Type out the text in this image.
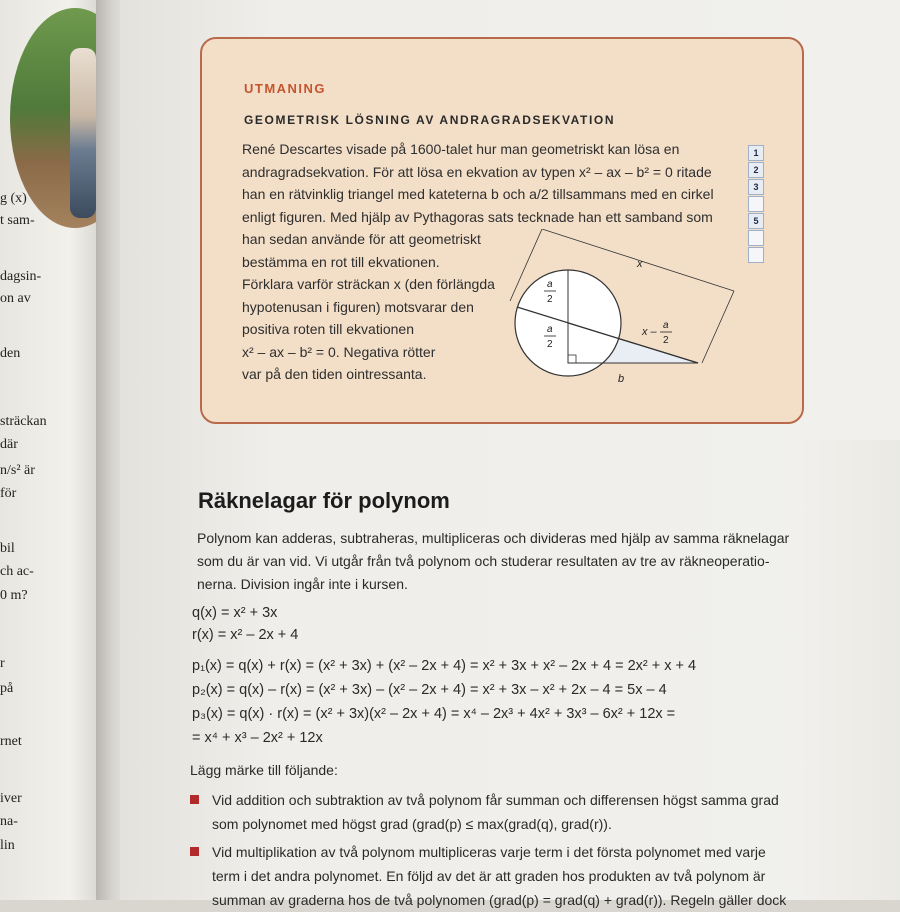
g (x)
t sam-
dagsin-
on av
den
sträckan
där
n/s² är
för
bil
ch ac-
0 m?
r
på
rnet
iver
na-
lin
UTMANING
GEOMETRISK LÖSNING AV ANDRAGRADSEKVATION
René Descartes visade på 1600-talet hur man geometriskt kan lösa en
andragradsekvation. För att lösa en ekvation av typen x² – ax – b² = 0 ritade
han en rätvinklig triangel med kateterna b och a/2 tillsammans med en cirkel
enligt figuren. Med hjälp av Pythagoras sats tecknade han ett samband som
han sedan använde för att geometriskt
bestämma en rot till ekvationen.
Förklara varför sträckan x (den förlängda
hypotenusan i figuren) motsvarar den
positiva roten till ekvationen
x² – ax – b² = 0. Negativa rötter
var på den tiden ointressanta.
x
a
2
a
2
x –
a
2
b
1
2
3
5
Räknelagar för polynom
Polynom kan adderas, subtraheras, multipliceras och divideras med hjälp av samma räknelagar
som du är van vid. Vi utgår från två polynom och studerar resultaten av tre av räkneoperatio-
nerna. Division ingår inte i kursen.
q(x) = x² + 3x
r(x) = x² – 2x + 4
p₁(x) = q(x) + r(x) = (x² + 3x) + (x² – 2x + 4) = x² + 3x + x² – 2x + 4 = 2x² + x + 4
p₂(x) = q(x) – r(x) = (x² + 3x) – (x² – 2x + 4) = x² + 3x – x² + 2x – 4 = 5x – 4
p₃(x) = q(x) · r(x) = (x² + 3x)(x² – 2x + 4) = x⁴ – 2x³ + 4x² + 3x³ – 6x² + 12x =
= x⁴ + x³ – 2x² + 12x
Lägg märke till följande:
Vid addition och subtraktion av två polynom får summan och differensen högst samma grad
som polynomet med högst grad (grad(p) ≤ max(grad(q), grad(r)).
Vid multiplikation av två polynom multipliceras varje term i det första polynomet med varje
term i det andra polynomet. En följd av det är att graden hos produkten av två polynom är
summan av graderna hos de två polynomen (grad(p) = grad(q) + grad(r)). Regeln gäller dock
